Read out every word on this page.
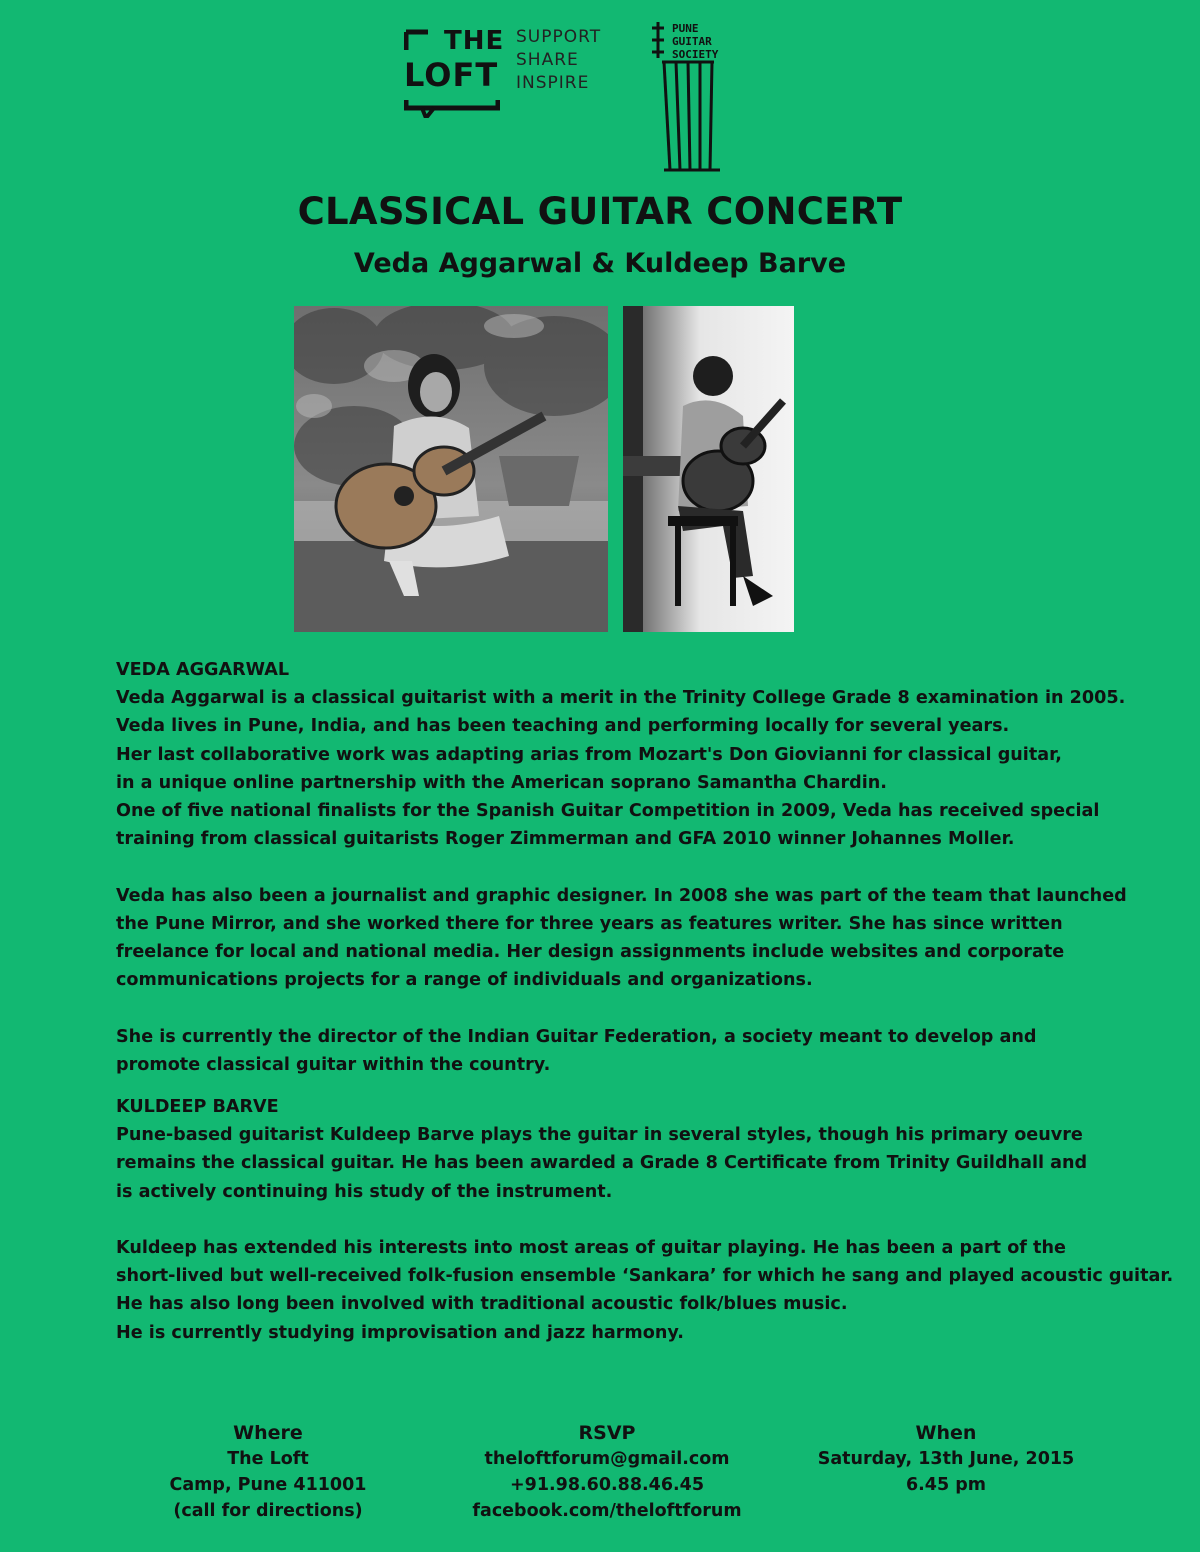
THE
LOFT
SUPPORT
SHARE
INSPIRE
PUNE
GUITAR
SOCIETY
CLASSICAL GUITAR CONCERT
Veda Aggarwal & Kuldeep Barve

VEDA AGGARWAL

Veda Aggarwal is a classical guitarist with a merit in the Trinity College Grade 8 examination in 2005.

Veda lives in Pune, India, and has been teaching and performing locally for several years.

Her last collaborative work was adapting arias from Mozart's Don Giovianni for classical guitar,

in a unique online partnership with the American soprano Samantha Chardin.

One of five national finalists for the Spanish Guitar Competition in 2009, Veda has received special

training from classical guitarists Roger Zimmerman and GFA 2010 winner Johannes Moller.

Veda has also been a journalist and graphic designer. In 2008 she was part of the team that launched

the Pune Mirror, and she worked there for three years as features writer. She has since written

freelance for local and national media. Her design assignments include websites and corporate

communications projects for a range of individuals and organizations.

She is currently the director of the Indian Guitar Federation, a society meant to develop and

promote classical guitar within the country.

KULDEEP BARVE

Pune-based guitarist Kuldeep Barve plays the guitar in several styles, though his primary oeuvre

remains the classical guitar. He has been awarded a Grade 8 Certificate from Trinity Guildhall and

is actively continuing his study of the instrument.

Kuldeep has extended his interests into most areas of guitar playing. He has been a part of the

short-lived but well-received folk-fusion ensemble ‘Sankara’ for which he sang and played acoustic guitar.

He has also long been involved with traditional acoustic folk/blues music.

He is currently studying improvisation and jazz harmony.

Where
The Loft
Camp, Pune 411001
(call for directions)
RSVP
theloftforum@gmail.com
+91.98.60.88.46.45
facebook.com/theloftforum
When
Saturday, 13th June, 2015
6.45 pm
